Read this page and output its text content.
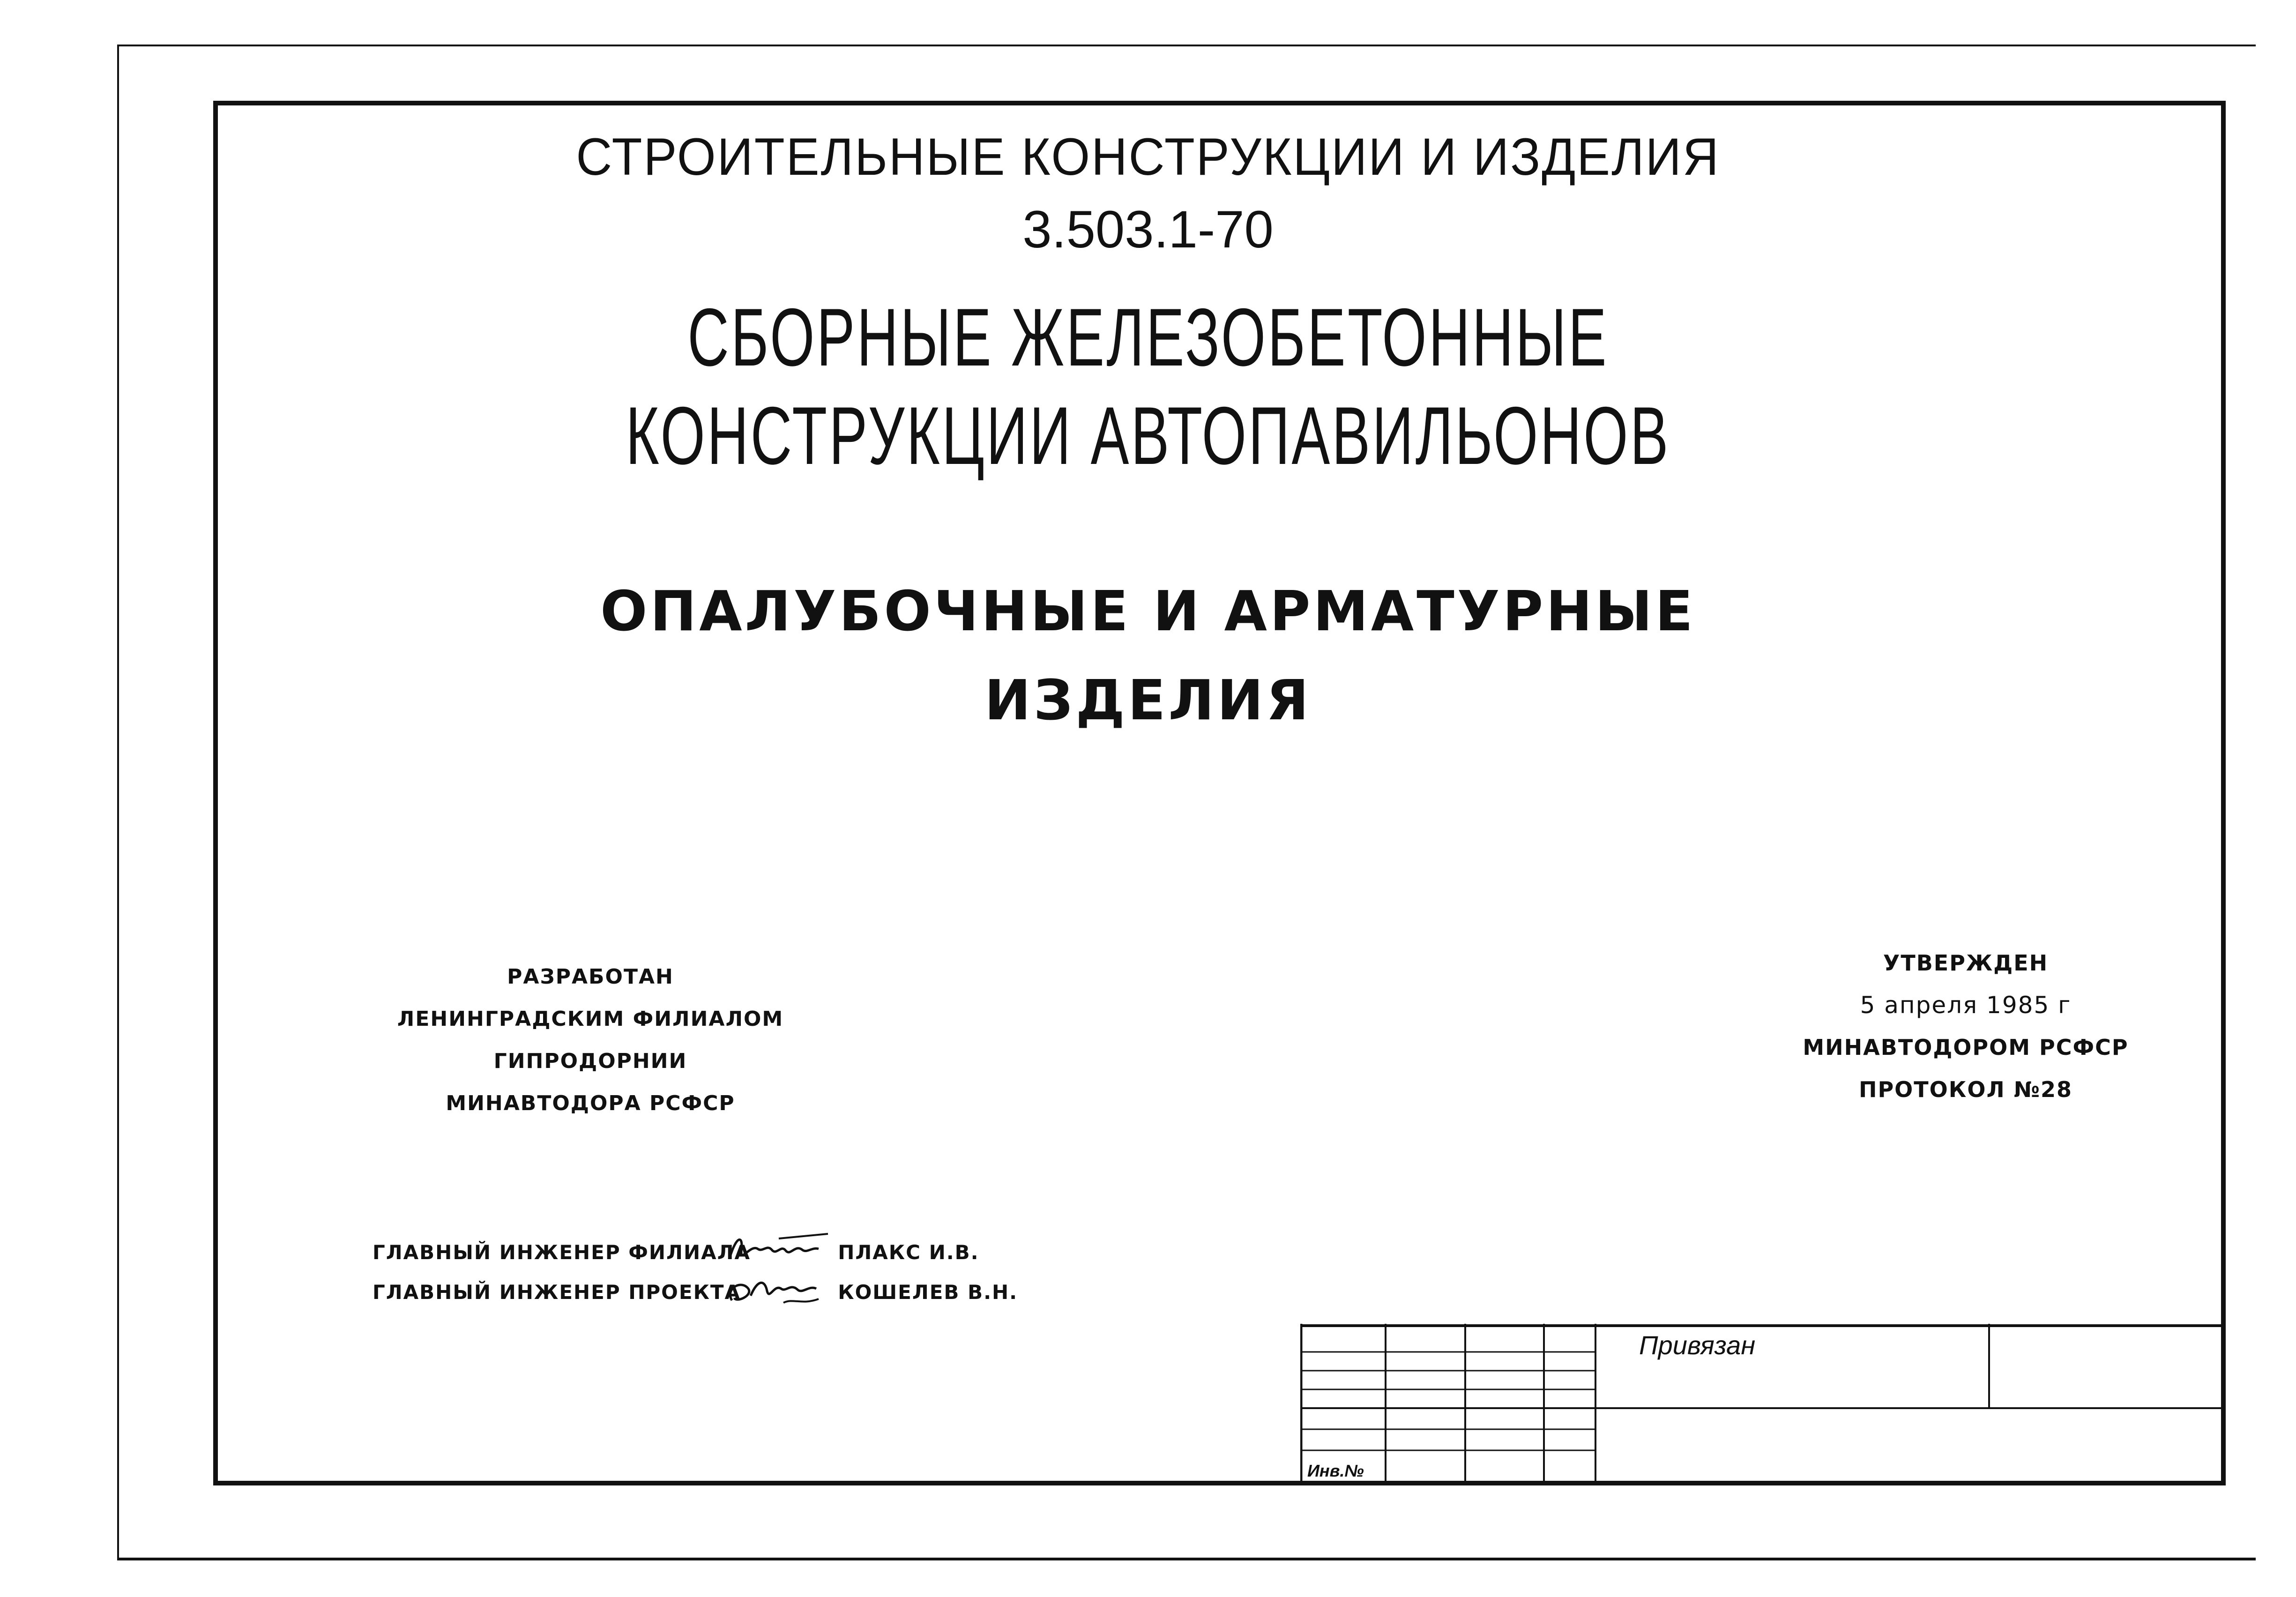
СТРОИТЕЛЬНЫЕ КОНСТРУКЦИИ И ИЗДЕЛИЯ
3.503.1-70
СБОРНЫЕ ЖЕЛЕЗОБЕТОННЫЕ
КОНСТРУКЦИИ АВТОПАВИЛЬОНОВ
ОПАЛУБОЧНЫЕ И АРМАТУРНЫЕ
ИЗДЕЛИЯ
РАЗРАБОТАН
ЛЕНИНГРАДСКИМ ФИЛИАЛОМ
ГИПРОДОРНИИ
МИНАВТОДОРА РСФСР
УТВЕРЖДЕН
5 апреля 1985 г
МИНАВТОДОРОМ РСФСР
ПРОТОКОЛ №28
ГЛАВНЫЙ ИНЖЕНЕР ФИЛИАЛА	ПЛАКС И.В.
ГЛАВНЫЙ ИНЖЕНЕР ПРОЕКТА	КОШЕЛЕВ В.Н.
Привязан
Инв.№
